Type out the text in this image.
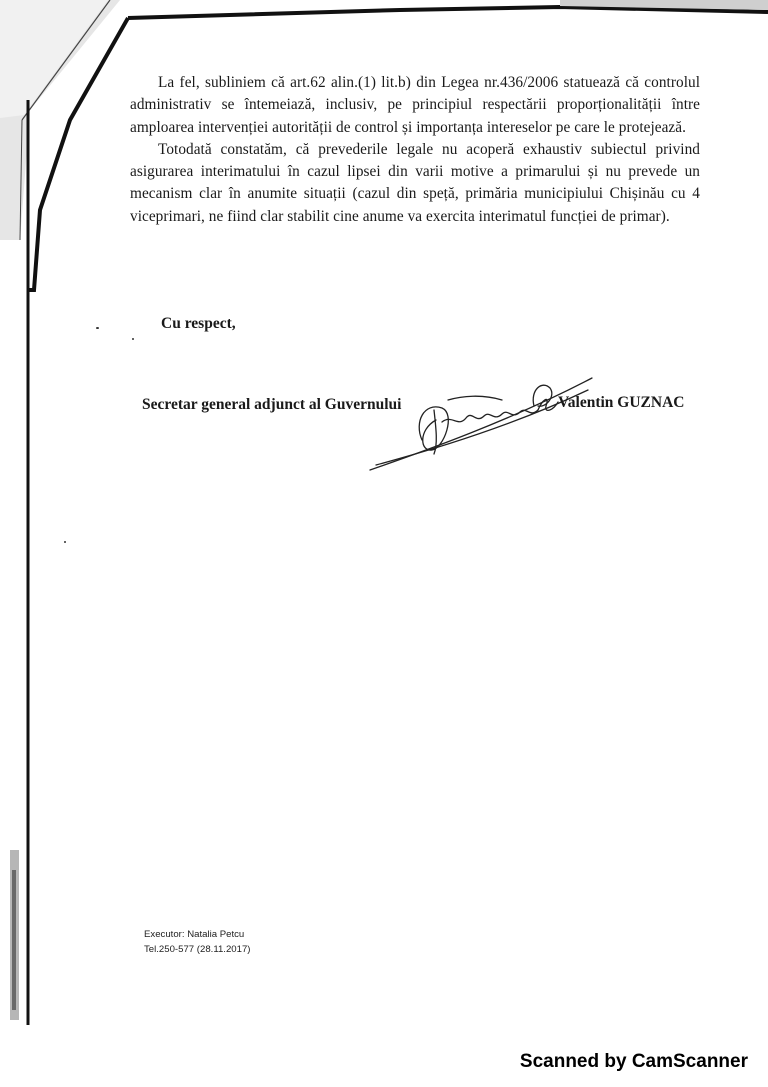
La fel, subliniem că art.62 alin.(1) lit.b) din Legea nr.436/2006 statuează că controlul administrativ se întemeiază, inclusiv, pe principiul respectării proporționalității între amploarea intervenției autorității de control și importanța intereselor pe care le protejează.

Totodată constatăm, că prevederile legale nu acoperă exhaustiv subiectul privind asigurarea interimatului în cazul lipsei din varii motive a primarului și nu prevede un mecanism clar în anumite situații (cazul din speță, primăria municipiului Chișinău cu 4 viceprimari, ne fiind clar stabilit cine anume va exercita interimatul funcției de primar).

Cu respect,
Secretar general adjunct al Guvernului	Valentin GUZNAC
Executor: Natalia Petcu
Tel.250-577 (28.11.2017)
Scanned by CamScanner
